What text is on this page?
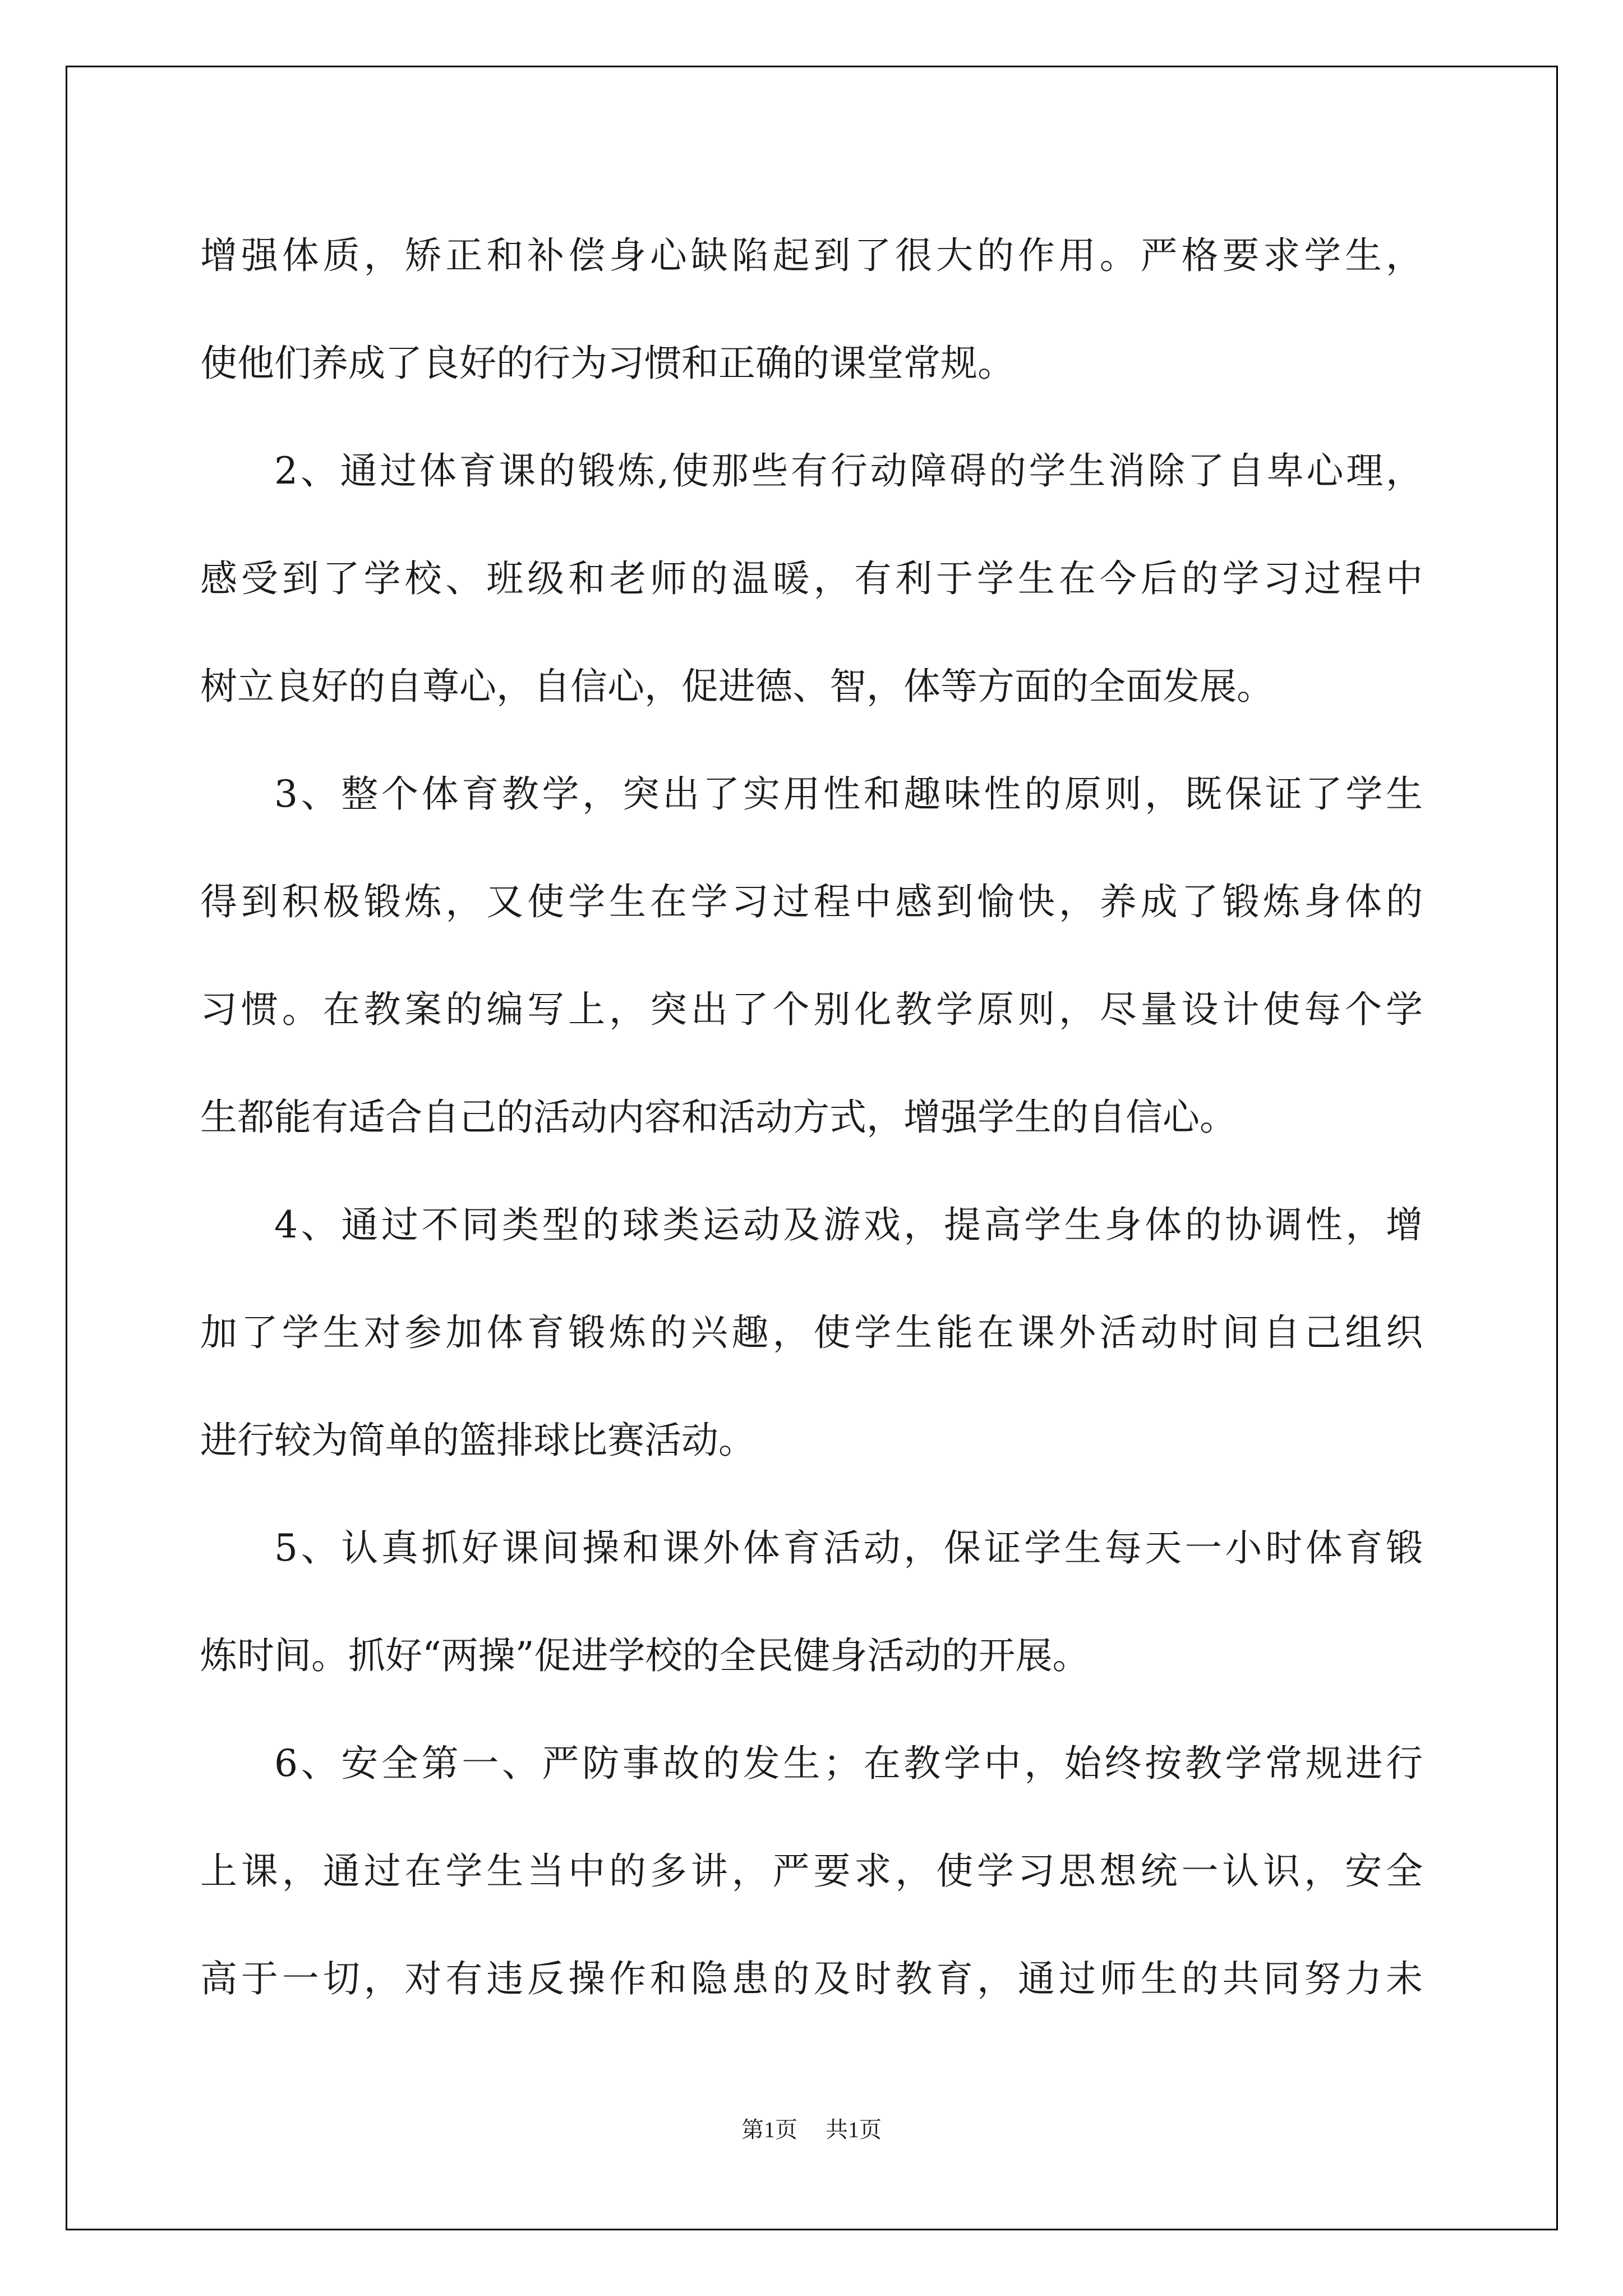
增强体质，矫正和补偿身心缺陷起到了很大的作用。严格要求学生，
使他们养成了良好的行为习惯和正确的课堂常规。
2、通过体育课的锻炼,使那些有行动障碍的学生消除了自卑心理，
感受到了学校、班级和老师的温暖，有利于学生在今后的学习过程中
树立良好的自尊心，自信心，促进德、智，体等方面的全面发展。
3、整个体育教学，突出了实用性和趣味性的原则，既保证了学生
得到积极锻炼，又使学生在学习过程中感到愉快，养成了锻炼身体的
习惯。在教案的编写上，突出了个别化教学原则，尽量设计使每个学
生都能有适合自己的活动内容和活动方式，增强学生的自信心。
4、通过不同类型的球类运动及游戏，提高学生身体的协调性，增
加了学生对参加体育锻炼的兴趣，使学生能在课外活动时间自己组织
进行较为简单的篮排球比赛活动。
5、认真抓好课间操和课外体育活动，保证学生每天一小时体育锻
炼时间。抓好“两操”促进学校的全民健身活动的开展。
6、安全第一、严防事故的发生；在教学中，始终按教学常规进行
上课，通过在学生当中的多讲，严要求，使学习思想统一认识，安全
高于一切，对有违反操作和隐患的及时教育，通过师生的共同努力未
第1页 共1页
